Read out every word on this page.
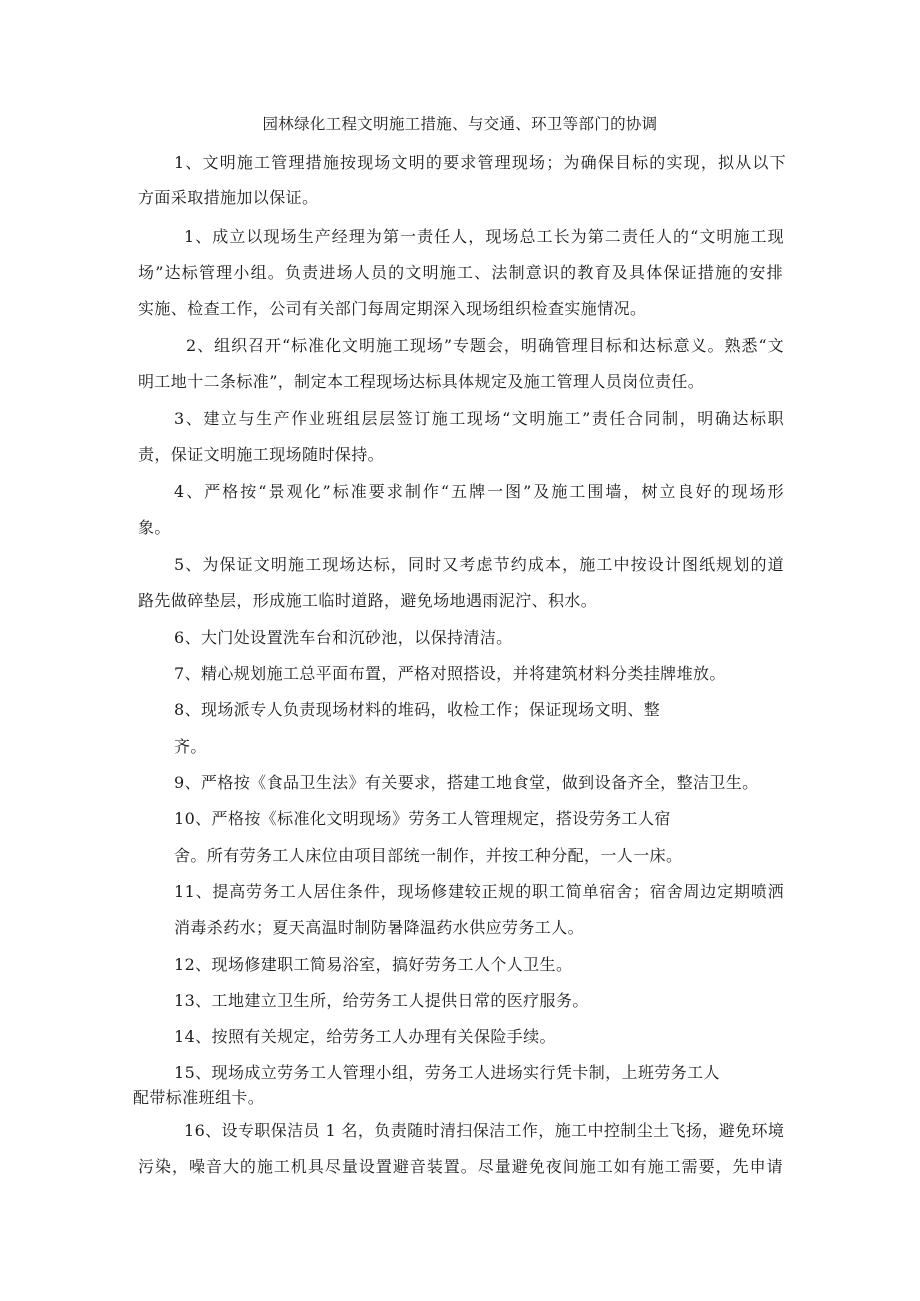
园林绿化工程文明施工措施、与交通、环卫等部门的协调
1、文明施工管理措施按现场文明的要求管理现场；为确保目标的实现，拟从以下
方面采取措施加以保证。
1、成立以现场生产经理为第一责任人，现场总工长为第二责任人的“文明施工现
场”达标管理小组。负责进场人员的文明施工、法制意识的教育及具体保证措施的安排
实施、检查工作，公司有关部门每周定期深入现场组织检查实施情况。
2、组织召开“标准化文明施工现场”专题会，明确管理目标和达标意义。熟悉“文
明工地十二条标准”，制定本工程现场达标具体规定及施工管理人员岗位责任。
3、建立与生产作业班组层层签订施工现场“文明施工”责任合同制，明确达标职
责，保证文明施工现场随时保持。
4、严格按“景观化”标准要求制作“五牌一图”及施工围墙，树立良好的现场形
象。
5、为保证文明施工现场达标，同时又考虑节约成本，施工中按设计图纸规划的道
路先做碎垫层，形成施工临时道路，避免场地遇雨泥泞、积水。
6、大门处设置洗车台和沉砂池，以保持清洁。
7、精心规划施工总平面布置，严格对照搭设，并将建筑材料分类挂牌堆放。
8、现场派专人负责现场材料的堆码，收检工作；保证现场文明、整
齐。
9、严格按《食品卫生法》有关要求，搭建工地食堂，做到设备齐全，整洁卫生。
10、严格按《标准化文明现场》劳务工人管理规定，搭设劳务工人宿
舍。所有劳务工人床位由项目部统一制作，并按工种分配，一人一床。
11、提高劳务工人居住条件，现场修建较正规的职工简单宿舍；宿舍周边定期喷洒
消毒杀药水；夏天高温时制防暑降温药水供应劳务工人。
12、现场修建职工简易浴室，搞好劳务工人个人卫生。
13、工地建立卫生所，给劳务工人提供日常的医疗服务。
14、按照有关规定，给劳务工人办理有关保险手续。
15、现场成立劳务工人管理小组，劳务工人进场实行凭卡制，上班劳务工人
配带标准班组卡。
16、设专职保洁员 1 名，负责随时清扫保洁工作，施工中控制尘土飞扬，避免环境
污染，噪音大的施工机具尽量设置避音装置。尽量避免夜间施工如有施工需要，先申请
